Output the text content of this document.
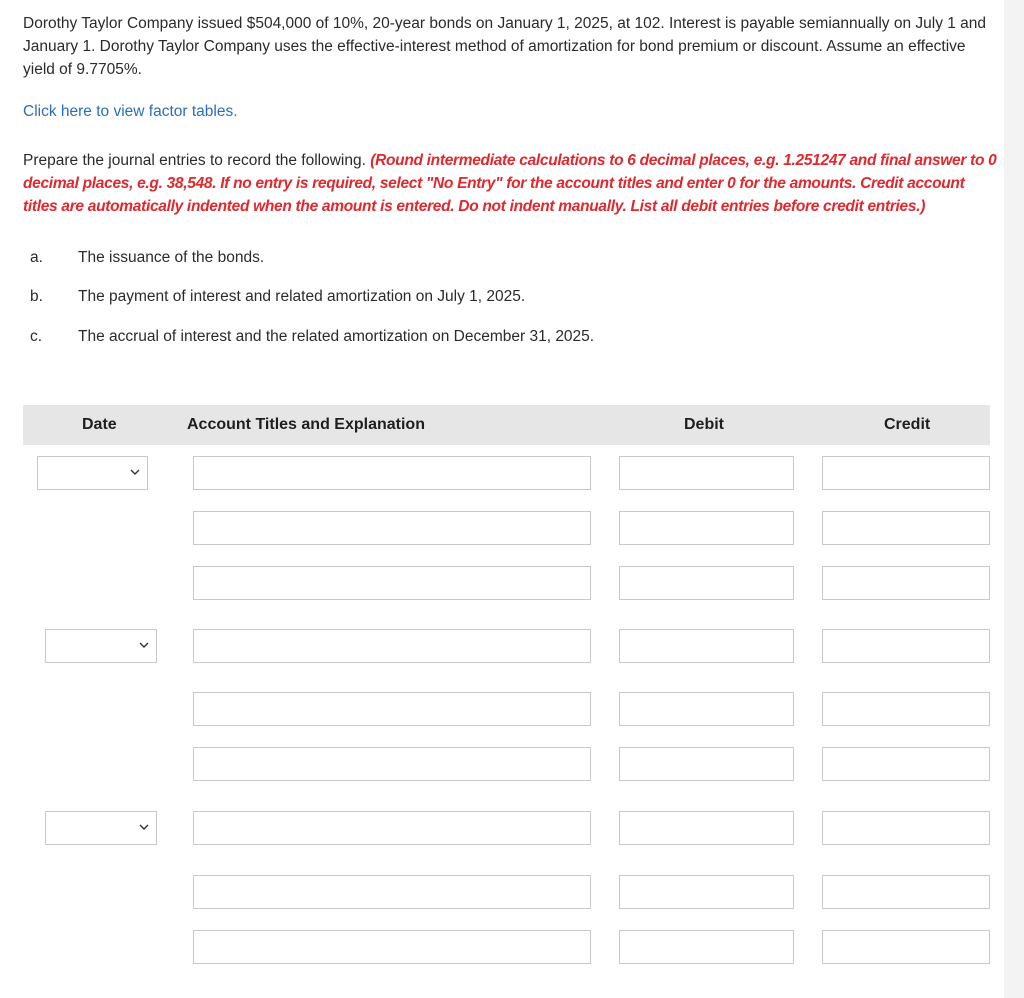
Dorothy Taylor Company issued $504,000 of 10%, 20-year bonds on January 1, 2025, at 102. Interest is payable semiannually on July 1 and January 1. Dorothy Taylor Company uses the effective-interest method of amortization for bond premium or discount. Assume an effective yield of 9.7705%.
Click here to view factor tables.
Prepare the journal entries to record the following. (Round intermediate calculations to 6 decimal places, e.g. 1.251247 and final answer to 0 decimal places, e.g. 38,548. If no entry is required, select "No Entry" for the account titles and enter 0 for the amounts. Credit account titles are automatically indented when the amount is entered. Do not indent manually. List all debit entries before credit entries.)
a.	The issuance of the bonds.
b.	The payment of interest and related amortization on July 1, 2025.
c.	The accrual of interest and the related amortization on December 31, 2025.
Date	Account Titles and Explanation	Debit	Credit
